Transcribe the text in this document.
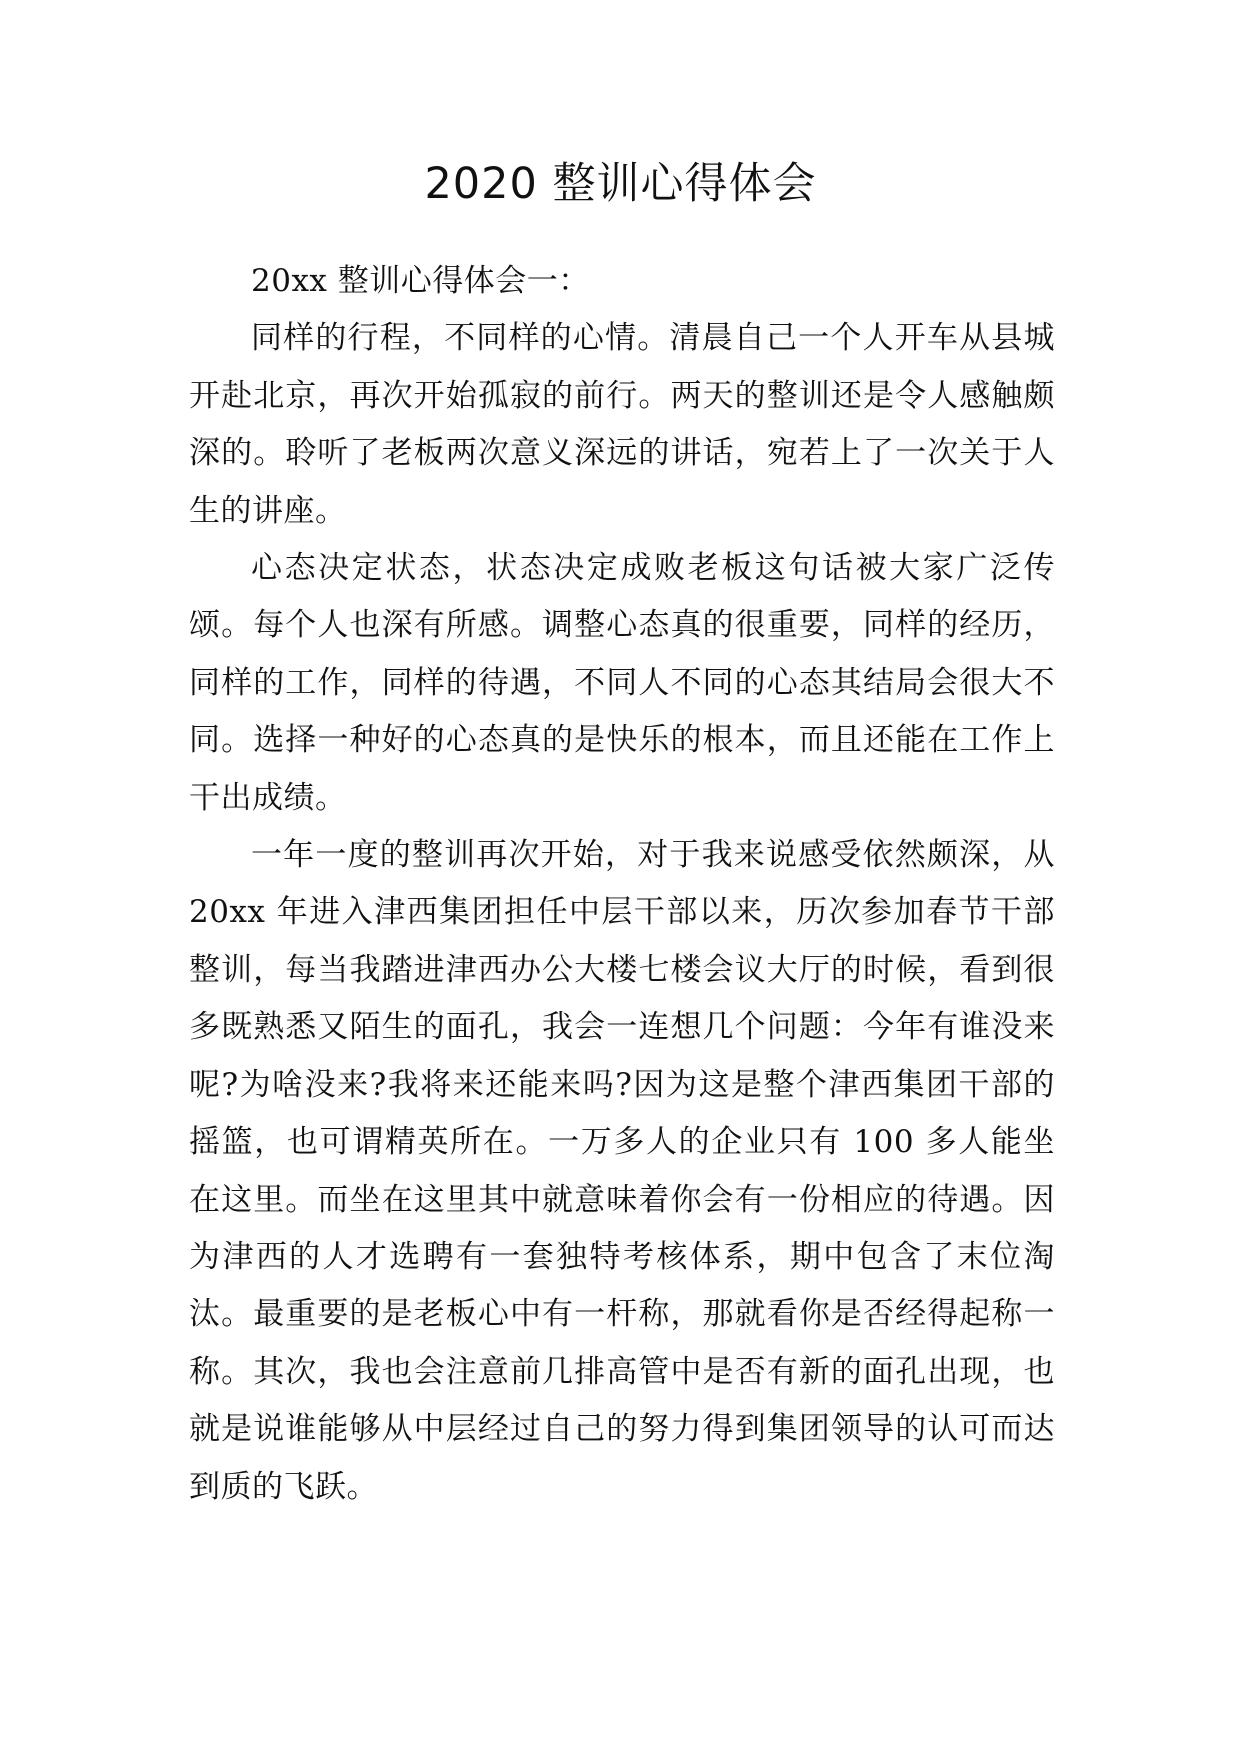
2020 整训心得体会

20xx 整训心得体会一：

同样的行程，不同样的心情。清晨自己一个人开车从县城开赴北京，再次开始孤寂的前行。两天的整训还是令人感触颇深的。聆听了老板两次意义深远的讲话，宛若上了一次关于人生的讲座。

心态决定状态，状态决定成败老板这句话被大家广泛传颂。每个人也深有所感。调整心态真的很重要，同样的经历，同样的工作，同样的待遇，不同人不同的心态其结局会很大不同。选择一种好的心态真的是快乐的根本，而且还能在工作上干出成绩。

一年一度的整训再次开始，对于我来说感受依然颇深，从 20xx 年进入津西集团担任中层干部以来，历次参加春节干部整训，每当我踏进津西办公大楼七楼会议大厅的时候，看到很多既熟悉又陌生的面孔，我会一连想几个问题：今年有谁没来呢?为啥没来?我将来还能来吗?因为这是整个津西集团干部的摇篮，也可谓精英所在。一万多人的企业只有 100 多人能坐在这里。而坐在这里其中就意味着你会有一份相应的待遇。因为津西的人才选聘有一套独特考核体系，期中包含了末位淘汰。最重要的是老板心中有一杆称，那就看你是否经得起称一称。其次，我也会注意前几排高管中是否有新的面孔出现，也就是说谁能够从中层经过自己的努力得到集团领导的认可而达到质的飞跃。
